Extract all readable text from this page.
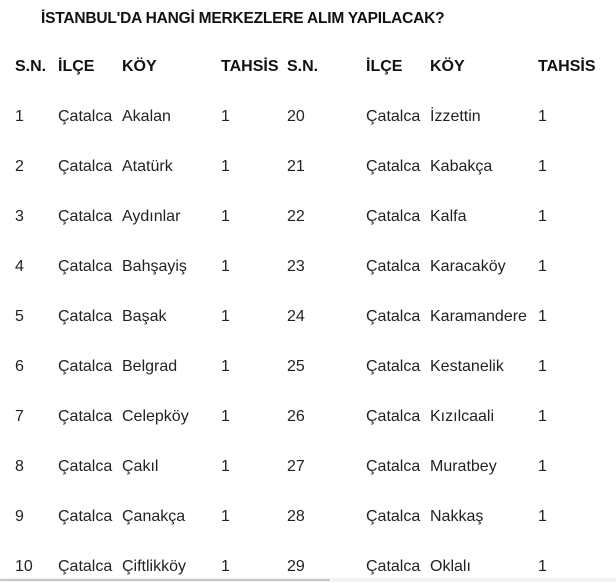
İSTANBUL'DA HANGİ MERKEZLERE ALIM YAPILACAK?
S.N. İLÇE KÖY	TAHSİS S.N.	İLÇE KÖY	TAHSİS
1 Çatalca Akalan	1	20	Çatalca İzzettin	1
2 Çatalca Atatürk	1	21	Çatalca Kabakça	1
3 Çatalca Aydınlar	1	22	Çatalca Kalfa	1
4 Çatalca Bahşayiş 1	23	Çatalca Karacaköy 1
5 Çatalca Başak	1	24	Çatalca Karamandere 1
6 Çatalca Belgrad	1	25	Çatalca Kestanelik 1
7 Çatalca Celepköy 1	26	Çatalca Kızılcaali	1
8 Çatalca Çakıl	1	27	Çatalca Muratbey	1
9 Çatalca Çanakça 1	28	Çatalca Nakkaş	1
10 Çatalca Çiftlikköy 1	29	Çatalca Oklalı	1
